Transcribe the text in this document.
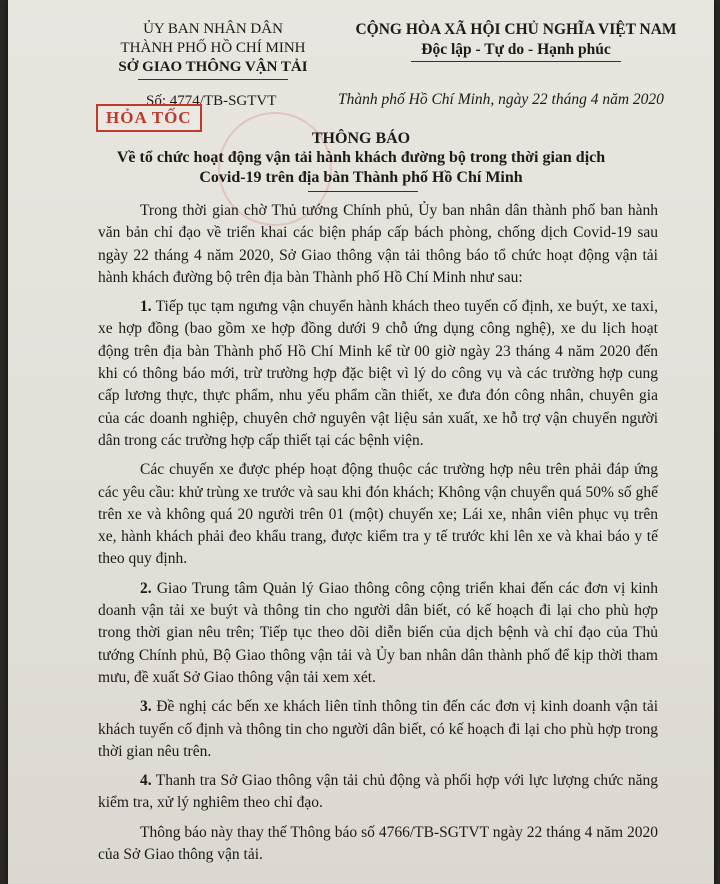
ỦY BAN NHÂN DÂN
THÀNH PHỐ HỒ CHÍ MINH
SỞ GIAO THÔNG VẬN TẢI
CỘNG HÒA XÃ HỘI CHỦ NGHĨA VIỆT NAM
Độc lập - Tự do - Hạnh phúc
Số: 4774/TB-SGTVT	Thành phố Hồ Chí Minh, ngày 22 tháng 4 năm 2020
HỎA TỐC
THÔNG BÁO
Về tổ chức hoạt động vận tải hành khách đường bộ trong thời gian dịch
Covid-19 trên địa bàn Thành phố Hồ Chí Minh

Trong thời gian chờ Thủ tướng Chính phủ, Ủy ban nhân dân thành phố ban hành văn bản chỉ đạo về triển khai các biện pháp cấp bách phòng, chống dịch Covid-19 sau ngày 22 tháng 4 năm 2020, Sở Giao thông vận tải thông báo tổ chức hoạt động vận tải hành khách đường bộ trên địa bàn Thành phố Hồ Chí Minh như sau:

1. Tiếp tục tạm ngưng vận chuyển hành khách theo tuyến cố định, xe buýt, xe taxi, xe hợp đồng (bao gồm xe hợp đồng dưới 9 chỗ ứng dụng công nghệ), xe du lịch hoạt động trên địa bàn Thành phố Hồ Chí Minh kể từ 00 giờ ngày 23 tháng 4 năm 2020 đến khi có thông báo mới, trừ trường hợp đặc biệt vì lý do công vụ và các trường hợp cung cấp lương thực, thực phẩm, nhu yếu phẩm cần thiết, xe đưa đón công nhân, chuyên gia của các doanh nghiệp, chuyên chở nguyên vật liệu sản xuất, xe hỗ trợ vận chuyển người dân trong các trường hợp cấp thiết tại các bệnh viện.

Các chuyến xe được phép hoạt động thuộc các trường hợp nêu trên phải đáp ứng các yêu cầu: khử trùng xe trước và sau khi đón khách; Không vận chuyển quá 50% số ghế trên xe và không quá 20 người trên 01 (một) chuyến xe; Lái xe, nhân viên phục vụ trên xe, hành khách phải đeo khẩu trang, được kiểm tra y tế trước khi lên xe và khai báo y tế theo quy định.

2. Giao Trung tâm Quản lý Giao thông công cộng triển khai đến các đơn vị kinh doanh vận tải xe buýt và thông tin cho người dân biết, có kế hoạch đi lại cho phù hợp trong thời gian nêu trên; Tiếp tục theo dõi diễn biến của dịch bệnh và chỉ đạo của Thủ tướng Chính phủ, Bộ Giao thông vận tải và Ủy ban nhân dân thành phố để kịp thời tham mưu, đề xuất Sở Giao thông vận tải xem xét.

3. Đề nghị các bến xe khách liên tỉnh thông tin đến các đơn vị kinh doanh vận tải khách tuyến cố định và thông tin cho người dân biết, có kế hoạch đi lại cho phù hợp trong thời gian nêu trên.

4. Thanh tra Sở Giao thông vận tải chủ động và phối hợp với lực lượng chức năng kiểm tra, xử lý nghiêm theo chỉ đạo.

Thông báo này thay thế Thông báo số 4766/TB-SGTVT ngày 22 tháng 4 năm 2020 của Sở Giao thông vận tải.
